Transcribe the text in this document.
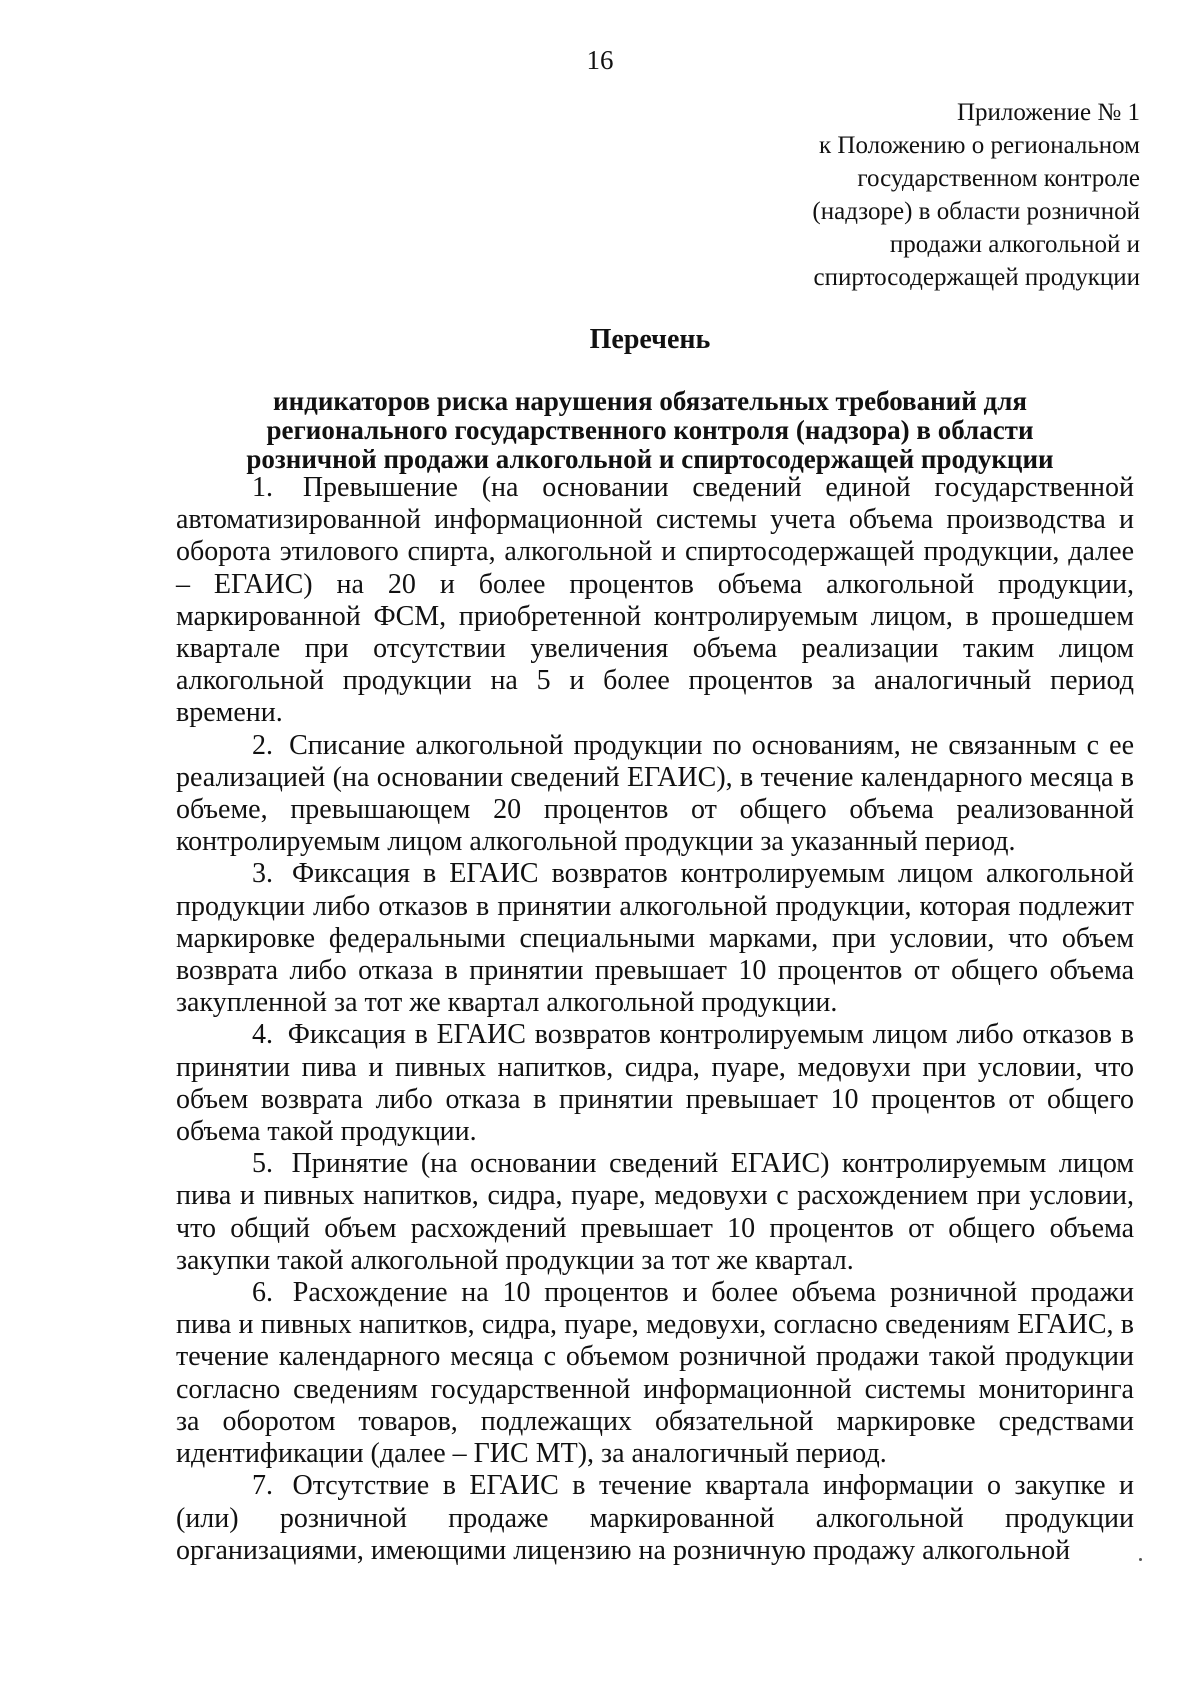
16

Приложение № 1
к Положению о региональном
государственном контроле
(надзоре) в области розничной
продажи алкогольной и
спиртосодержащей продукции
Перечень
индикаторов риска нарушения обязательных требований для
регионального государственного контроля (надзора) в области
розничной продажи алкогольной и спиртосодержащей продукции

1. Превышение (на основании сведений единой государственной автоматизированной информационной системы учета объема производства и оборота этилового спирта, алкогольной и спиртосодержащей продукции, далее – ЕГАИС) на 20 и более процентов объема алкогольной продукции, маркированной ФСМ, приобретенной контролируемым лицом, в прошедшем квартале при отсутствии увеличения объема реализации таким лицом алкогольной продукции на 5 и более процентов за аналогичный период времени.

2. Списание алкогольной продукции по основаниям, не связанным с ее реализацией (на основании сведений ЕГАИС), в течение календарного месяца в объеме, превышающем 20 процентов от общего объема реализованной контролируемым лицом алкогольной продукции за указанный период.

3. Фиксация в ЕГАИС возвратов контролируемым лицом алкогольной продукции либо отказов в принятии алкогольной продукции, которая подлежит маркировке федеральными специальными марками, при условии, что объем возврата либо отказа в принятии превышает 10 процентов от общего объема закупленной за тот же квартал алкогольной продукции.

4. Фиксация в ЕГАИС возвратов контролируемым лицом либо отказов в принятии пива и пивных напитков, сидра, пуаре, медовухи при условии, что объем возврата либо отказа в принятии превышает 10 процентов от общего объема такой продукции.

5. Принятие (на основании сведений ЕГАИС) контролируемым лицом пива и пивных напитков, сидра, пуаре, медовухи с расхождением при условии, что общий объем расхождений превышает 10 процентов от общего объема закупки такой алкогольной продукции за тот же квартал.

6. Расхождение на 10 процентов и более объема розничной продажи пива и пивных напитков, сидра, пуаре, медовухи, согласно сведениям ЕГАИС, в течение календарного месяца с объемом розничной продажи такой продукции согласно сведениям государственной информационной системы мониторинга за оборотом товаров, подлежащих обязательной маркировке средствами идентификации (далее – ГИС МТ), за аналогичный период.

7. Отсутствие в ЕГАИС в течение квартала информации о закупке и (или) розничной продаже маркированной алкогольной продукции организациями, имеющими лицензию на розничную продажу алкогольной
